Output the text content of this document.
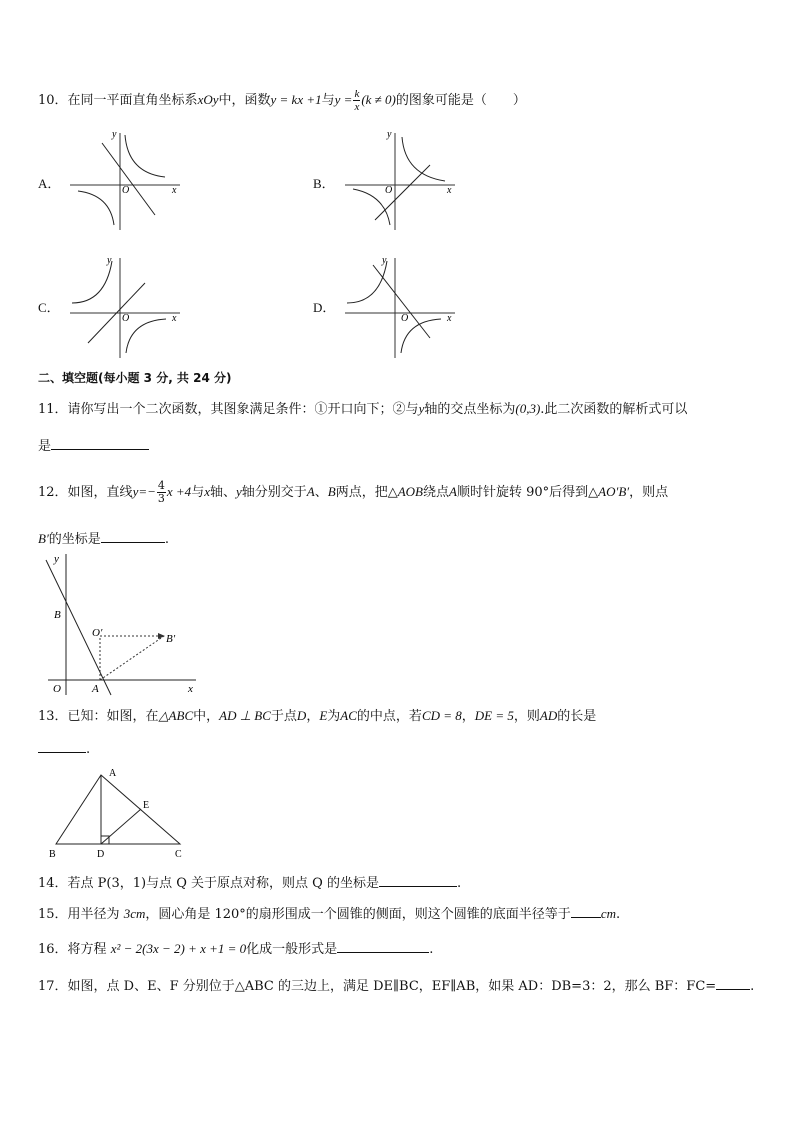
10．在同一平面直角坐标系xOy中，函数y = kx +1与$y = \frac{k}{x} (k \ne 0)$的图象可能是（　　）
A．	B．
C．	D．
y
x
O
y
x
O
y
x
O
y
x
O
二、填空题(每小题 3 分, 共 24 分)
11．请你写出一个二次函数，其图象满足条件：①开口向下；②与y轴的交点坐标为(0,3).此二次函数的解析式可以
是
12．如图，直线$y=- \frac{4}{3}$ x +4与x轴、y轴分别交于A、B两点，把△AOB绕点A顺时针旋转 90°后得到△AO′B′，则点
B′的坐标是	.
y
x
O
B
A
O′	B′
13．已知：如图，在△ABC中，AD ⊥ BC于点D，E为AC的中点，若CD = 8，DE = 5，则AD的长是
.
A
B	C
D
E
14．若点 P(3，1)与点 Q 关于原点对称，则点 Q 的坐标是	.
15．用半径为 3cm，圆心角是 120°的扇形围成一个圆锥的侧面，则这个圆锥的底面半径等于 cm.
16．将方程 x² − 2(3x − 2) + x +1 = 0化成一般形式是	.
17．如图，点 D、E、F 分别位于△ABC 的三边上，满足 DE∥BC，EF∥AB，如果 AD：DB=3：2，那么 BF：FC=	.
